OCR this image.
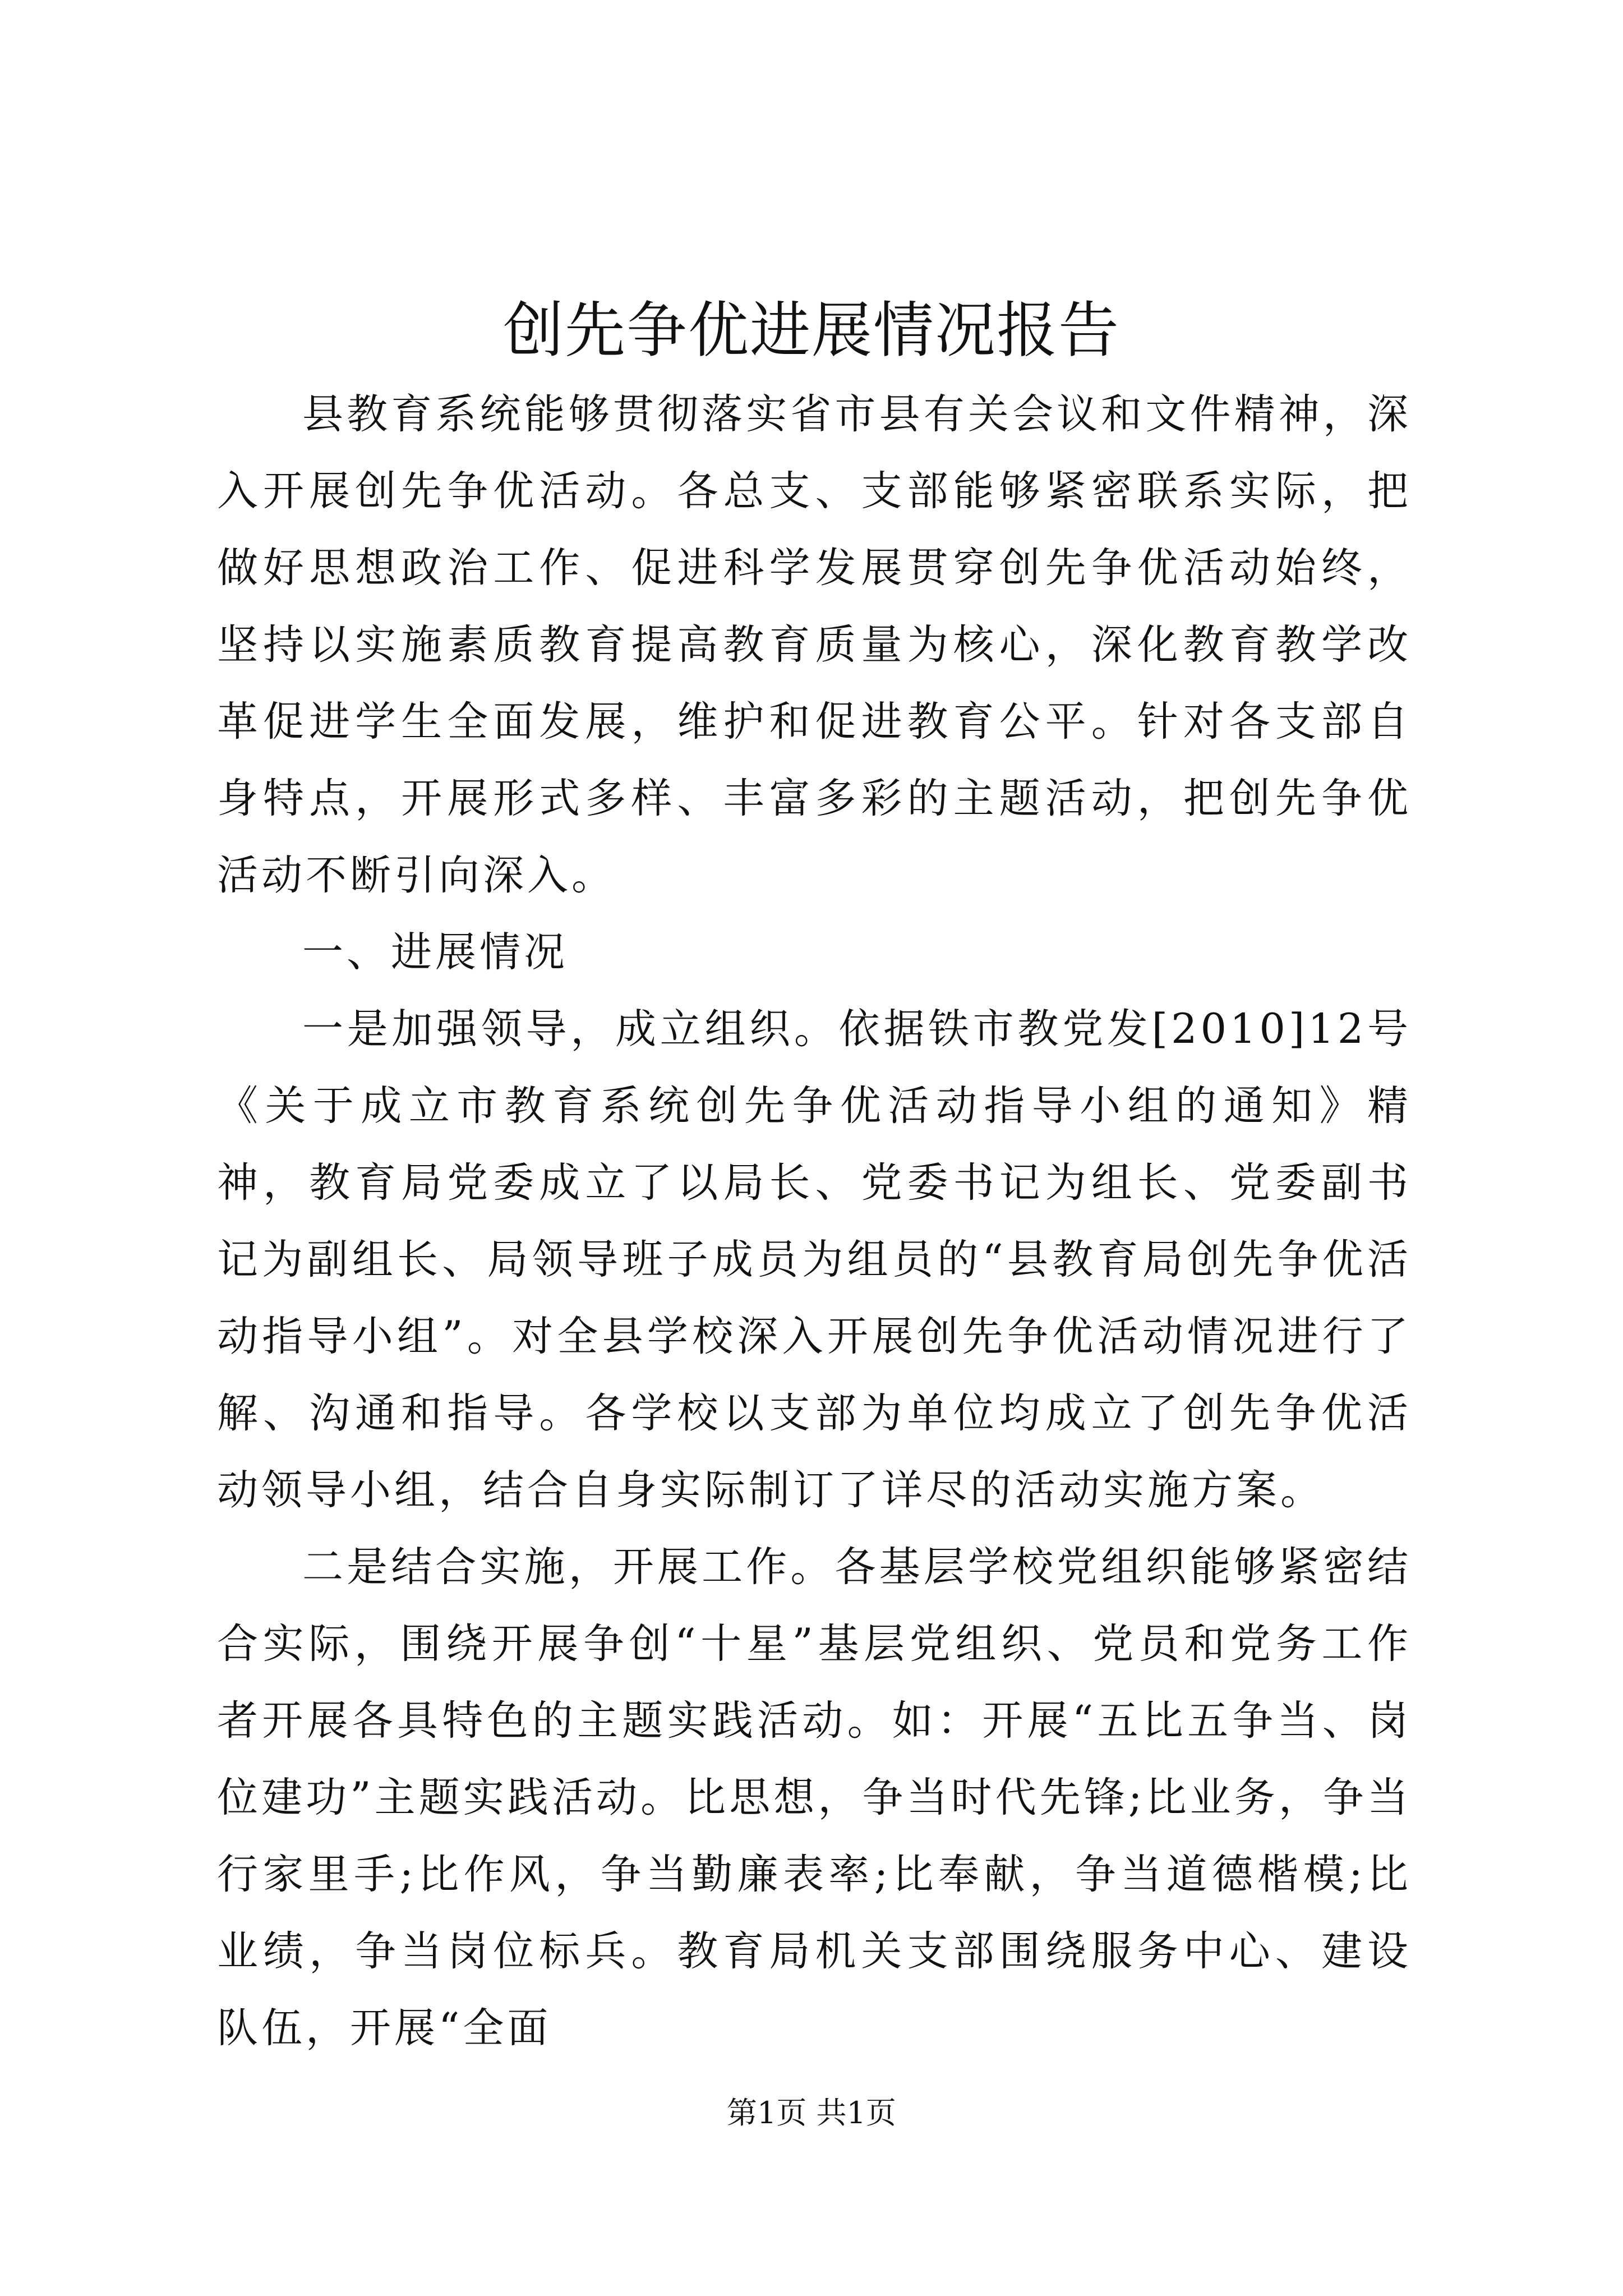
创先争优进展情况报告

县教育系统能够贯彻落实省市县有关会议和文件精神，深入开展创先争优活动。各总支、支部能够紧密联系实际，把做好思想政治工作、促进科学发展贯穿创先争优活动始终，坚持以实施素质教育提高教育质量为核心，深化教育教学改革促进学生全面发展，维护和促进教育公平。针对各支部自身特点，开展形式多样、丰富多彩的主题活动，把创先争优活动不断引向深入。

一、进展情况

一是加强领导，成立组织。依据铁市教党发[2010]12号《关于成立市教育系统创先争优活动指导小组的通知》精神，教育局党委成立了以局长、党委书记为组长、党委副书记为副组长、局领导班子成员为组员的“县教育局创先争优活动指导小组”。对全县学校深入开展创先争优活动情况进行了解、沟通和指导。各学校以支部为单位均成立了创先争优活动领导小组，结合自身实际制订了详尽的活动实施方案。

二是结合实施，开展工作。各基层学校党组织能够紧密结合实际，围绕开展争创“十星”基层党组织、党员和党务工作者开展各具特色的主题实践活动。如：开展“五比五争当、岗位建功”主题实践活动。比思想，争当时代先锋;比业务，争当行家里手;比作风，争当勤廉表率;比奉献，争当道德楷模;比业绩，争当岗位标兵。教育局机关支部围绕服务中心、建设队伍，开展“全面

第1页 共1页
